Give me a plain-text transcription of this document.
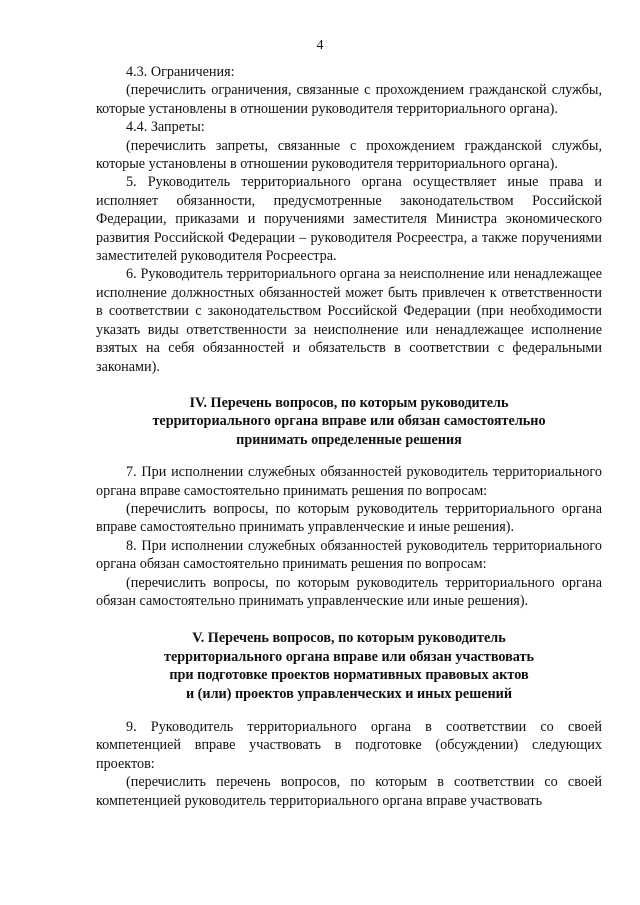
4

4.3. Ограничения:

(перечислить ограничения, связанные с прохождением гражданской службы, которые установлены в отношении руководителя территориального органа).

4.4. Запреты:

(перечислить запреты, связанные с прохождением гражданской службы, которые установлены в отношении руководителя территориального органа).

5. Руководитель территориального органа осуществляет иные права и исполняет обязанности, предусмотренные законодательством Российской Федерации, приказами и поручениями заместителя Министра экономического развития Российской Федерации – руководителя Росреестра, а также поручениями заместителей руководителя Росреестра.

6. Руководитель территориального органа за неисполнение или ненадлежащее исполнение должностных обязанностей может быть привлечен к ответственности в соответствии с законодательством Российской Федерации (при необходимости указать виды ответственности за неисполнение или ненадлежащее исполнение взятых на себя обязанностей и обязательств в соответствии с федеральными законами).

IV. Перечень вопросов, по которым руководитель
территориального органа вправе или обязан самостоятельно
принимать определенные решения

7. При исполнении служебных обязанностей руководитель территориального органа вправе самостоятельно принимать решения по вопросам:

(перечислить вопросы, по которым руководитель территориального органа вправе самостоятельно принимать управленческие и иные решения).

8. При исполнении служебных обязанностей руководитель территориального органа обязан самостоятельно принимать решения по вопросам:

(перечислить вопросы, по которым руководитель территориального органа обязан самостоятельно принимать управленческие или иные решения).

V. Перечень вопросов, по которым руководитель
территориального органа вправе или обязан участвовать
при подготовке проектов нормативных правовых актов
и (или) проектов управленческих и иных решений

9. Руководитель территориального органа в соответствии со своей компетенцией вправе участвовать в подготовке (обсуждении) следующих проектов:

(перечислить перечень вопросов, по которым в соответствии со своей компетенцией руководитель территориального органа вправе участвовать
